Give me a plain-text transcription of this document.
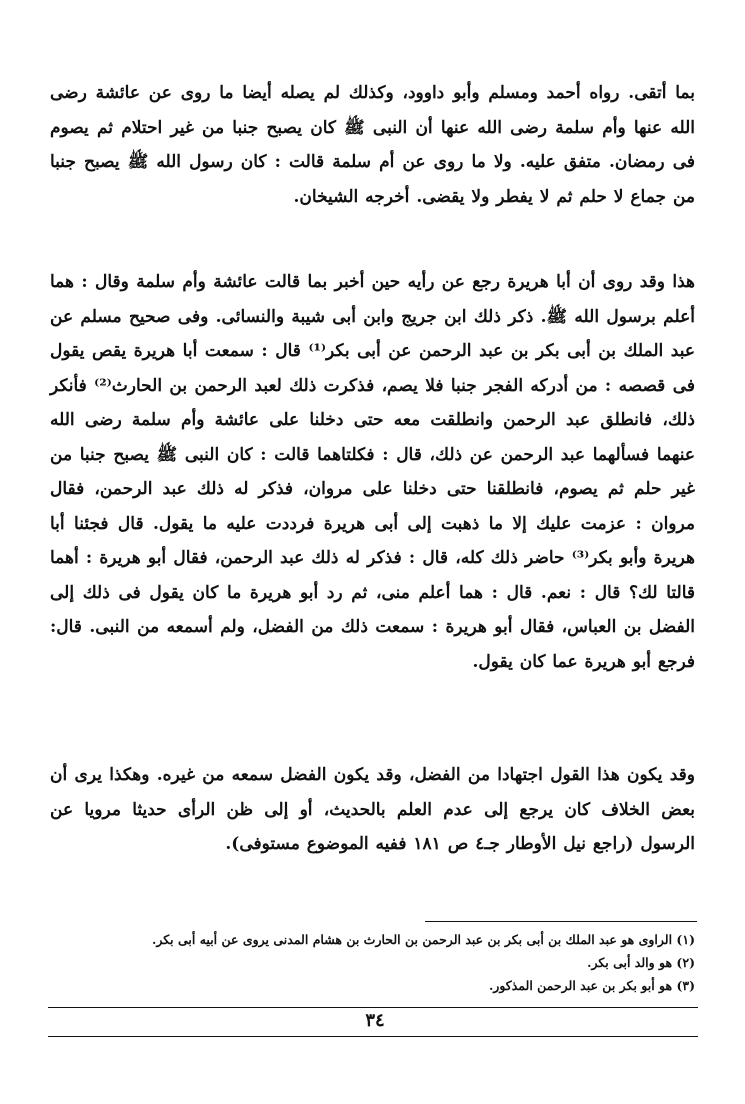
بما أتقى. رواه أحمد ومسلم وأبو داوود، وكذلك لم يصله أيضا ما روى عن عائشة رضى الله عنها وأم سلمة رضى الله عنها أن النبى ﷺ كان يصبح جنبا من غير احتلام ثم يصوم فى رمضان. متفق عليه. ولا ما روى عن أم سلمة قالت : كان رسول الله ﷺ يصبح جنبا من جماع لا حلم ثم لا يفطر ولا يقضى. أخرجه الشيخان.
هذا وقد روى أن أبا هريرة رجع عن رأيه حين أخبر بما قالت عائشة وأم سلمة وقال : هما أعلم برسول الله ﷺ. ذكر ذلك ابن جريج وابن أبى شيبة والنسائى. وفى صحيح مسلم عن عبد الملك بن أبى بكر بن عبد الرحمن عن أبى بكر⁽¹⁾ قال : سمعت أبا هريرة يقص يقول فى قصصه : من أدركه الفجر جنبا فلا يصم، فذكرت ذلك لعبد الرحمن بن الحارث⁽²⁾ فأنكر ذلك، فانطلق عبد الرحمن وانطلقت معه حتى دخلنا على عائشة وأم سلمة رضى الله عنهما فسألهما عبد الرحمن عن ذلك، قال : فكلتاهما قالت : كان النبى ﷺ يصبح جنبا من غير حلم ثم يصوم، فانطلقنا حتى دخلنا على مروان، فذكر له ذلك عبد الرحمن، فقال مروان : عزمت عليك إلا ما ذهبت إلى أبى هريرة فرددت عليه ما يقول. قال فجئنا أبا هريرة وأبو بكر⁽³⁾ حاضر ذلك كله، قال : فذكر له ذلك عبد الرحمن، فقال أبو هريرة : أهما قالتا لك؟ قال : نعم. قال : هما أعلم منى، ثم رد أبو هريرة ما كان يقول فى ذلك إلى الفضل بن العباس، فقال أبو هريرة : سمعت ذلك من الفضل، ولم أسمعه من النبى. قال: فرجع أبو هريرة عما كان يقول.
وقد يكون هذا القول اجتهادا من الفضل، وقد يكون الفضل سمعه من غيره. وهكذا يرى أن بعض الخلاف كان يرجع إلى عدم العلم بالحديث، أو إلى ظن الرأى حديثا مرويا عن الرسول (راجع نيل الأوطار جـ٤ ص ١٨١ ففيه الموضوع مستوفى).
(١) الراوى هو عبد الملك بن أبى بكر بن عبد الرحمن بن الحارث بن هشام المدنى يروى عن أبيه أبى بكر.
(٢) هو والد أبى بكر.
(٣) هو أبو بكر بن عبد الرحمن المذكور.
٣٤
